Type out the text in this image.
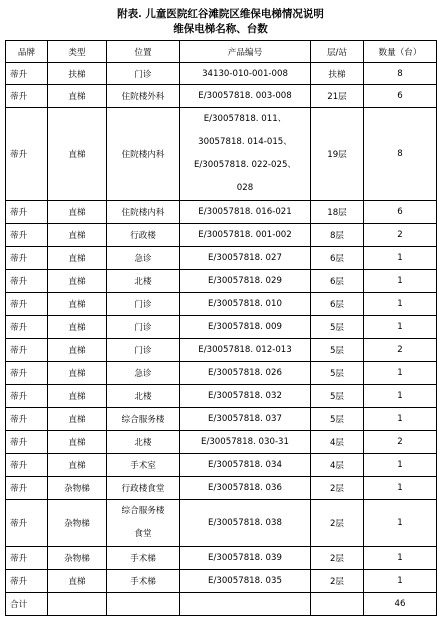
附表. 儿童医院红谷滩院区维保电梯情况说明
维保电梯名称、台数
品牌	类型	位置	产品编号	层/站	数量（台）
蒂升	扶梯	门诊	34130-010-001-008	扶梯	8
蒂升	直梯	住院楼外科	E/30057818. 003-008	21层	6
蒂升	直梯	住院楼内科	E/30057818. 011、
30057818. 014-015、
E/30057818. 022-025、
028	19层	8
蒂升	直梯	住院楼内科	E/30057818. 016-021	18层	6
蒂升	直梯	行政楼	E/30057818. 001-002	8层	2
蒂升	直梯	急诊	E/30057818. 027	6层	1
蒂升	直梯	北楼	E/30057818. 029	6层	1
蒂升	直梯	门诊	E/30057818. 010	6层	1
蒂升	直梯	门诊	E/30057818. 009	5层	1
蒂升	直梯	门诊	E/30057818. 012-013	5层	2
蒂升	直梯	急诊	E/30057818. 026	5层	1
蒂升	直梯	北楼	E/30057818. 032	5层	1
蒂升	直梯	综合服务楼	E/30057818. 037	5层	1
蒂升	直梯	北楼	E/30057818. 030-31	4层	2
蒂升	直梯	手术室	E/30057818. 034	4层	1
蒂升	杂物梯	行政楼食堂	E/30057818. 036	2层	1
蒂升	杂物梯	综合服务楼
食堂	E/30057818. 038	2层	1
蒂升	杂物梯	手术梯	E/30057818. 039	2层	1
蒂升	直梯	手术梯	E/30057818. 035	2层	1
合计					46
